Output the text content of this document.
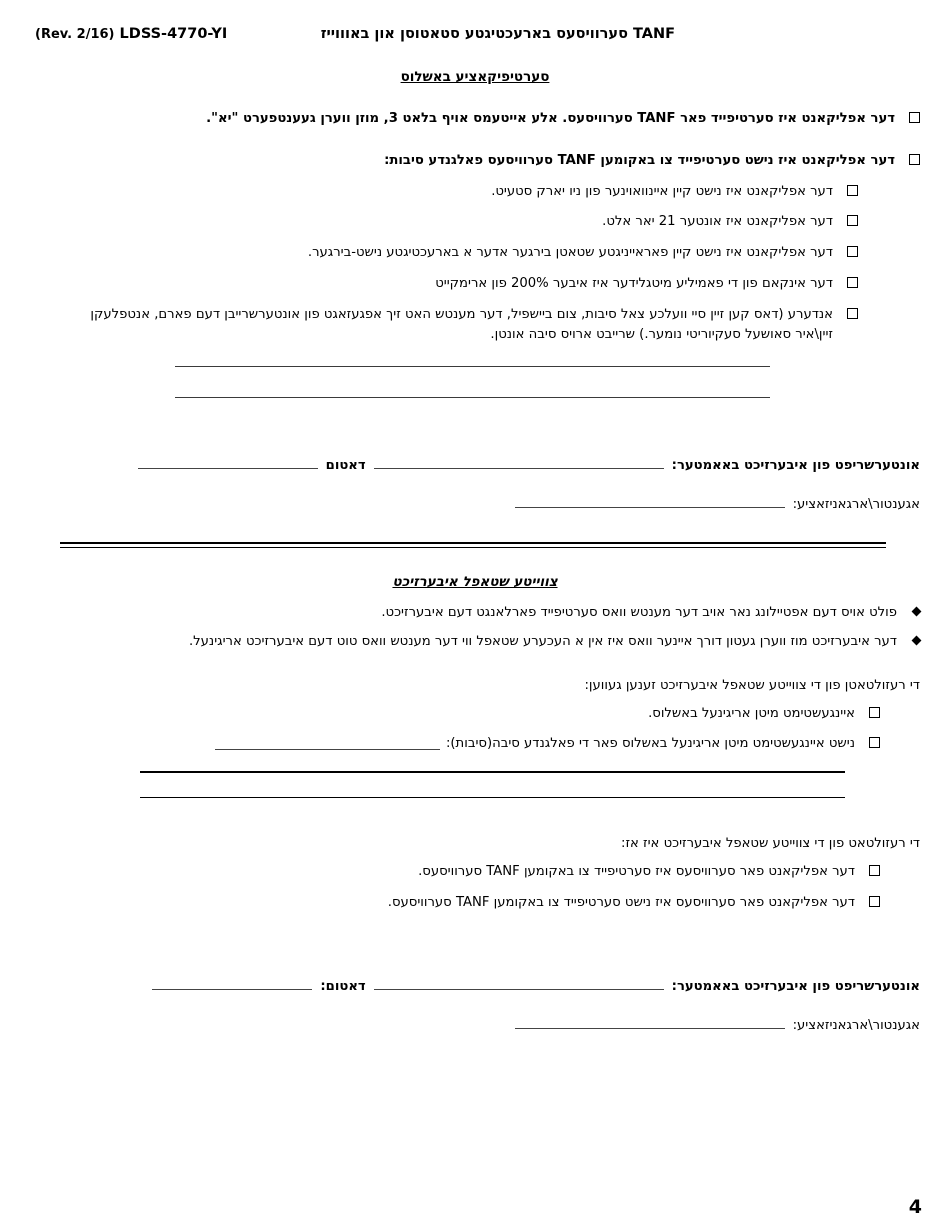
(Rev. 2/16) LDSS-4770-YI	TANF סערוויסעס בארעכטיגטע סטאטוסן און באוווייז
סערטיפיקאציע באשלוס
דער אפליקאנט איז סערטיפייד פאר TANF סערוויסעס. אלע אייטעמס אויף בלאט 3, מוזן ווערן געענטפערט "יא".
דער אפליקאנט איז נישט סערטיפייד צו באקומען TANF סערוויסעס פאלגנדע סיבות:
דער אפליקאנט איז נישט קיין איינוואוינער פון ניו יארק סטעיט.
דער אפליקאנט איז אונטער 21 יאר אלט.
דער אפליקאנט איז נישט קיין פאראייניגטע שטאטן בירגער אדער א בארעכטיגטע נישט-בירגער.
דער אינקאם פון די פאמיליע מיטגלידער איז איבער 200% פון ארימקייט
אנדערע (דאס קען זיין סיי וועלכע צאל סיבות, צום ביישפיל, דער מענטש האט זיך אפגעזאגט פון אונטערשרייבן דעם פארם, אנטפלעקן
זיין\איר סאושעל סעקיוריטי נומער.) שרייבט ארויס סיבה אונטן.
אונטערשריפט פון איבערזיכט באאמטער:
דאטום
אגענטור\ארגאניזאציע:
צווייטע שטאפל איבערזיכט
פולט אויס דעם אפטיילונג נאר אויב דער מענטש וואס סערטיפייד פארלאנגט דעם איבערזיכט.
דער איבערזיכט מוז ווערן געטון דורך איינער וואס איז אין א העכערע שטאפל ווי דער מענטש וואס טוט דעם איבערזיכט אריגינעל.
די רעזולטאטן פון די צווייטע שטאפל איבערזיכט זענען געווען:
איינגעשטימט מיטן אריגינעל באשלוס.
נישט איינגעשטימט מיטן אריגינעל באשלוס פאר די פאלגנדע סיבה(סיבות):
די רעזולטאט פון די צווייטע שטאפל איבערזיכט איז אז:
דער אפליקאנט פאר סערוויסעס איז סערטיפייד צו באקומען TANF סערוויסעס.
דער אפליקאנט פאר סערוויסעס איז נישט סערטיפייד צו באקומען TANF סערוויסעס.
אונטערשריפט פון איבערזיכט באאמטער:
דאטום:
אגענטור\ארגאניזאציע:
4
